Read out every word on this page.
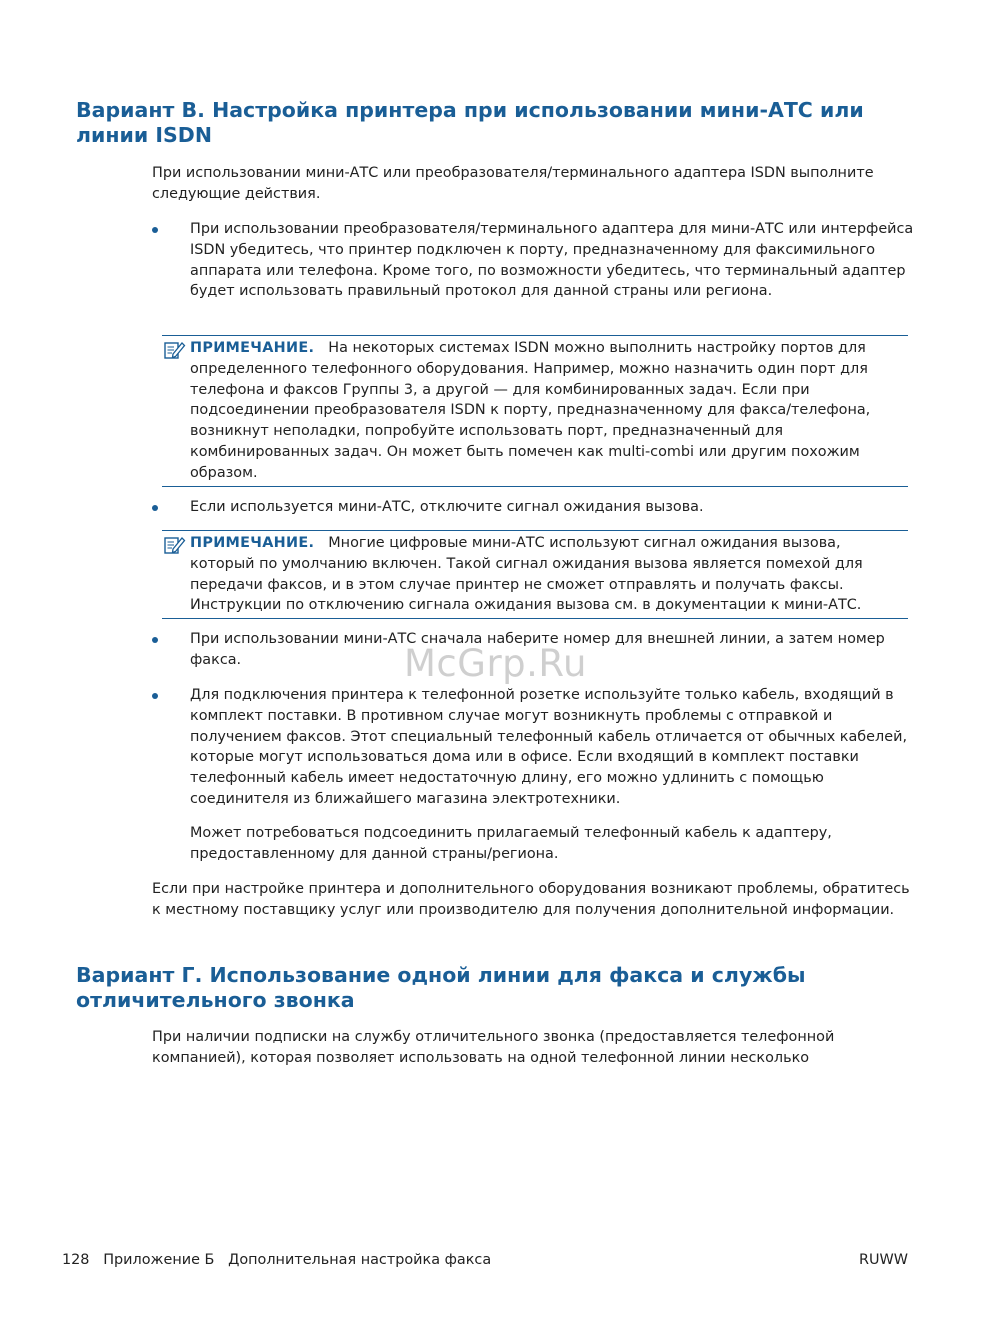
Вариант В. Настройка принтера при использовании мини-АТС или линии ISDN

При использовании мини-АТС или преобразователя/терминального адаптера ISDN выполните следующие действия.

При использовании преобразователя/терминального адаптера для мини-АТС или интерфейса ISDN убедитесь, что принтер подключен к порту, предназначенному для факсимильного аппарата или телефона. Кроме того, по возможности убедитесь, что терминальный адаптер будет использовать правильный протокол для данной страны или региона.

ПРИМЕЧАНИЕ. На некоторых системах ISDN можно выполнить настройку портов для определенного телефонного оборудования. Например, можно назначить один порт для телефона и факсов Группы 3, а другой — для комбинированных задач. Если при подсоединении преобразователя ISDN к порту, предназначенному для факса/телефона, возникнут неполадки, попробуйте использовать порт, предназначенный для комбинированных задач. Он может быть помечен как multi-combi или другим похожим образом.

Если используется мини-АТС, отключите сигнал ожидания вызова.

ПРИМЕЧАНИЕ. Многие цифровые мини-АТС используют сигнал ожидания вызова, который по умолчанию включен. Такой сигнал ожидания вызова является помехой для передачи факсов, и в этом случае принтер не сможет отправлять и получать факсы. Инструкции по отключению сигнала ожидания вызова см. в документации к мини-АТС.

При использовании мини-АТС сначала наберите номер для внешней линии, а затем номер факса.

Для подключения принтера к телефонной розетке используйте только кабель, входящий в комплект поставки. В противном случае могут возникнуть проблемы с отправкой и получением факсов. Этот специальный телефонный кабель отличается от обычных кабелей, которые могут использоваться дома или в офисе. Если входящий в комплект поставки телефонный кабель имеет недостаточную длину, его можно удлинить с помощью соединителя из ближайшего магазина электротехники.

Может потребоваться подсоединить прилагаемый телефонный кабель к адаптеру, предоставленному для данной страны/региона.

Если при настройке принтера и дополнительного оборудования возникают проблемы, обратитесь к местному поставщику услуг или производителю для получения дополнительной информации.

Вариант Г. Использование одной линии для факса и службы отличительного звонка

При наличии подписки на службу отличительного звонка (предоставляется телефонной компанией), которая позволяет использовать на одной телефонной линии несколько

McGrp.Ru
128   Приложение Б   Дополнительная настройка факса	RUWW
